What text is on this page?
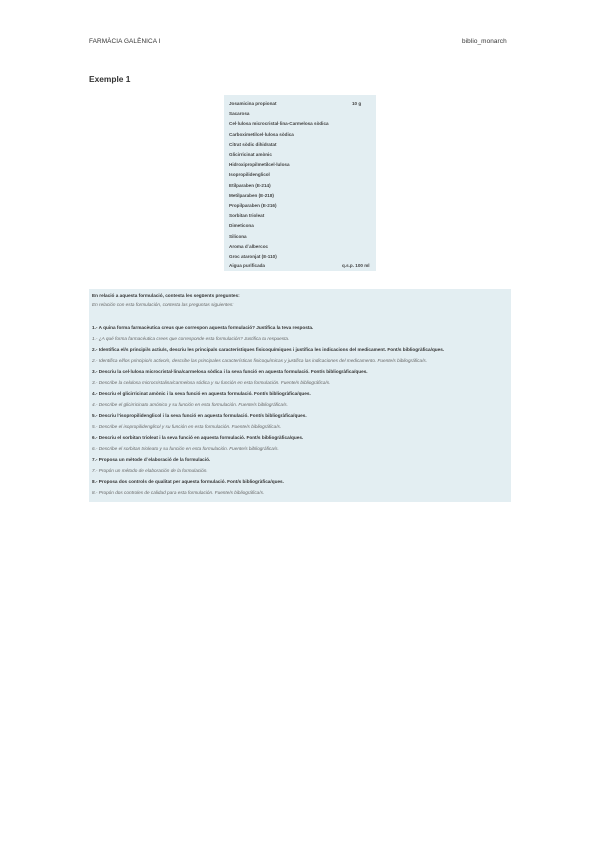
FARMÀCIA GALÈNICA I	biblio_monarch
Exemple 1
Josamicina propionat	10 g
Sacarosa
Cel·lulosa microcristal·lina-Carmelosa sòdica
Carboximetilcel·lulosa sòdica
Citrat sòdic dihidratat
Glicirricinat amònic
Hidroxipropilmetilcel·lulosa
Isopropilidenglicol
Etilparaben (E-214)
Metilparaben (E-218)
Propilparaben (E-216)
Sorbitan trioleat
Dimeticona
Silicona
Aroma d´albercoc
Groc ataronjat (E-110)
Aigua purificada	q.s.p. 100 ml
En relació a aquesta formulació, contesta les següents preguntes:
En relación con esta formulación, contesta las preguntas siguientes:
1.- A quina forma farmacèutica creus que correspon aquesta formulació? Justifica la teva resposta.
1.- ¿A qué forma farmacéutica crees que corresponde esta formulación? Justifica tu respuesta.
2.- Identifica el/s principi/s actiu/s, descriu les principals característiques fisicoquímiques i justifica les indicacions del medicament. Font/s bibliogràfica/ques.
2.- Identifica el/los principio/s activo/s, describe las principales características fisicoquímicas y justifica las indicaciones del medicamento. Fuente/s bibliográfica/s.
3.- Descriu la cel·lulosa microcristal·lina/carmelosa sòdica i la seva funció en aquesta formulació. Font/s bibliogràfica/ques.
3.- Describe la celulosa microcristalina/carmelosa sódica y su función en esta formulación. Fuente/s bibliográfica/s.
4.- Descriu el glicirricinat amònic i la seva funció en aquesta formulació. Font/s bibliogràfica/ques.
4.- Describe el glicirricinato amónico y su función en esta formulación. Fuente/s bibliográfica/s.
5.- Descriu l'isopropilidenglicol i la seva funció en aquesta formulació. Font/s bibliogràfica/ques.
5.- Describe el isopropilidenglicol y su función en esta formulación. Fuente/s bibliográfica/s.
6.- Descriu el sorbitan trioleat i la seva funció en aquesta formulació. Font/s bibliogràfica/ques.
6.- Describe el sorbitan trioleato y su función en esta formulación. Fuente/s bibliográfica/s.
7.- Proposa un mètode d´elaboració de la formulació.
7.- Propón un método de elaboración de la formulación.
8.- Proposa dos controls de qualitat per aquesta formulació. Font/s bibliogràfica/ques.
8.- Propón dos controles de calidad para esta formulación. Fuente/s bibliográfica/s.
